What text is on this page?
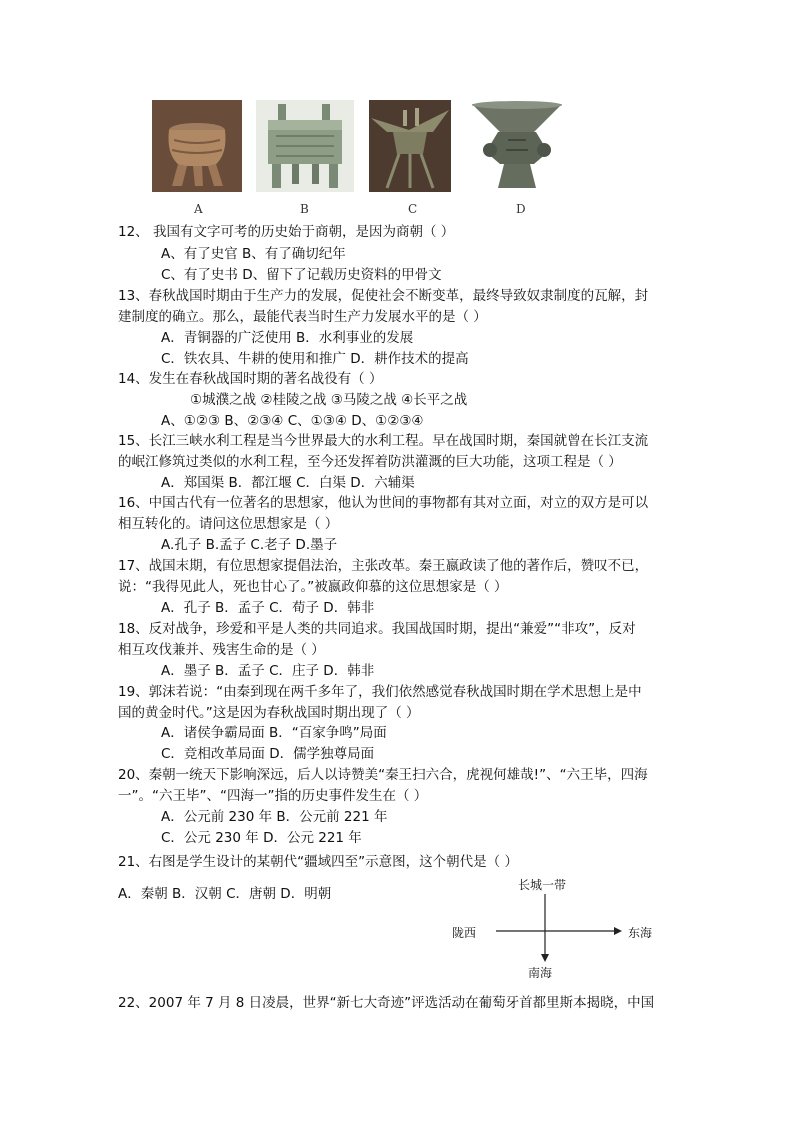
A	B	C	D
12、 我国有文字可考的历史始于商朝，是因为商朝（ ）
A、有了史官 B、有了确切纪年
C、有了史书 D、留下了记载历史资料的甲骨文
13、春秋战国时期由于生产力的发展，促使社会不断变革，最终导致奴隶制度的瓦解，封
建制度的确立。那么，最能代表当时生产力发展水平的是（ ）
A．青铜器的广泛使用 B．水利事业的发展
C．铁农具、牛耕的使用和推广 D．耕作技术的提高
14、发生在春秋战国时期的著名战役有（ ）
①城濮之战 ②桂陵之战 ③马陵之战 ④长平之战
A、①②③ B、②③④ C、①③④ D、①②③④
15、长江三峡水利工程是当今世界最大的水利工程。早在战国时期，秦国就曾在长江支流
的岷江修筑过类似的水利工程，至今还发挥着防洪灌溉的巨大功能，这项工程是（ ）
A．郑国渠 B．都江堰 C．白渠 D．六辅渠
16、中国古代有一位著名的思想家，他认为世间的事物都有其对立面，对立的双方是可以
相互转化的。请问这位思想家是（ ）
A.孔子 B.孟子 C.老子 D.墨子
17、战国末期，有位思想家提倡法治，主张改革。秦王嬴政读了他的著作后，赞叹不已，
说：“我得见此人，死也甘心了。”被嬴政仰慕的这位思想家是（ ）
A．孔子 B．孟子 C．荀子 D．韩非
18、反对战争，珍爱和平是人类的共同追求。我国战国时期，提出“兼爱”“非攻”，反对
相互攻伐兼并、残害生命的是（ ）
A．墨子 B．孟子 C．庄子 D．韩非
19、郭沫若说：“由秦到现在两千多年了，我们依然感觉春秋战国时期在学术思想上是中
国的黄金时代。”这是因为春秋战国时期出现了（ ）
A．诸侯争霸局面 B．“百家争鸣”局面
C．竞相改革局面 D．儒学独尊局面
20、秦朝一统天下影响深远，后人以诗赞美“秦王扫六合，虎视何雄哉!”、“六王毕，四海
一”。“六王毕”、“四海一”指的历史事件发生在（ ）
A．公元前 230 年 B．公元前 221 年
C．公元 230 年 D．公元 221 年
21、右图是学生设计的某朝代“疆域四至”示意图，这个朝代是（ ）
A．秦朝 B．汉朝 C．唐朝 D．明朝
长城一带
陇西	东海
南海
22、2007 年 7 月 8 日凌晨，世界“新七大奇迹”评选活动在葡萄牙首都里斯本揭晓，中国
